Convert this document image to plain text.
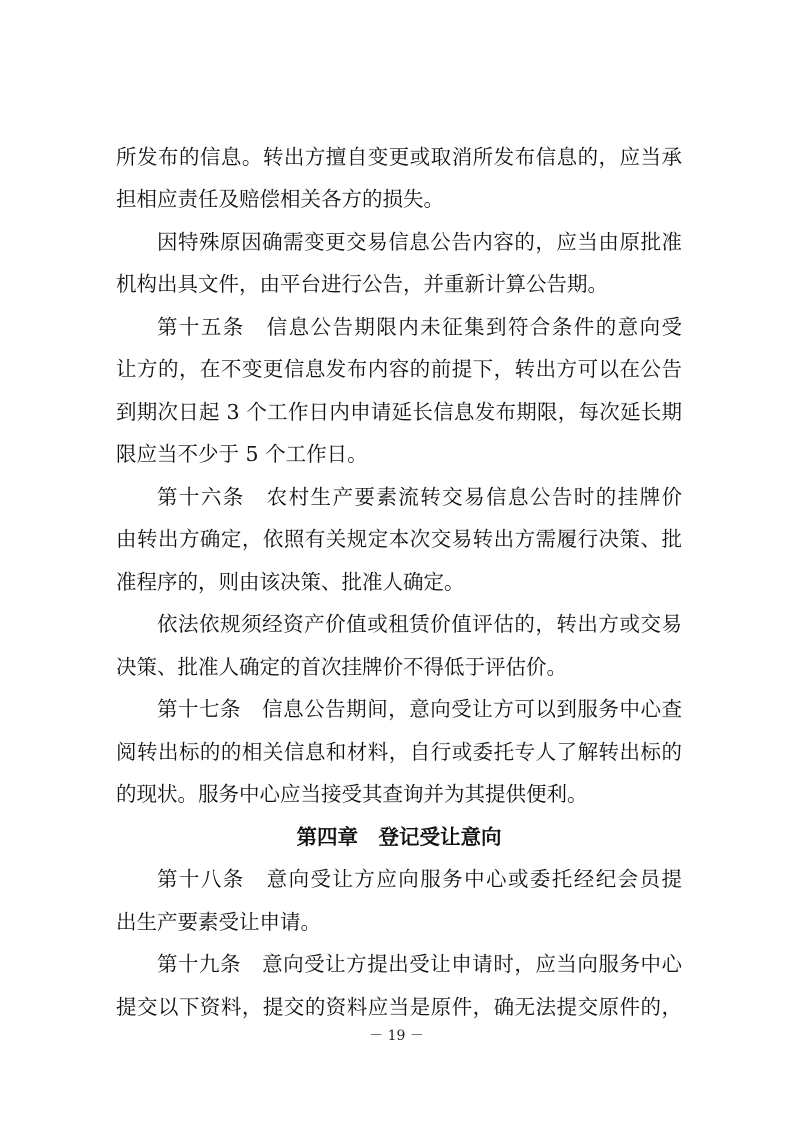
所发布的信息。转出方擅自变更或取消所发布信息的，应当承
担相应责任及赔偿相关各方的损失。
因特殊原因确需变更交易信息公告内容的，应当由原批准
机构出具文件，由平台进行公告，并重新计算公告期。
第十五条　信息公告期限内未征集到符合条件的意向受
让方的，在不变更信息发布内容的前提下，转出方可以在公告
到期次日起 3 个工作日内申请延长信息发布期限，每次延长期
限应当不少于 5 个工作日。
第十六条　农村生产要素流转交易信息公告时的挂牌价
由转出方确定，依照有关规定本次交易转出方需履行决策、批
准程序的，则由该决策、批准人确定。
依法依规须经资产价值或租赁价值评估的，转出方或交易
决策、批准人确定的首次挂牌价不得低于评估价。
第十七条　信息公告期间，意向受让方可以到服务中心查
阅转出标的的相关信息和材料，自行或委托专人了解转出标的
的现状。服务中心应当接受其查询并为其提供便利。
第四章　登记受让意向
第十八条　意向受让方应向服务中心或委托经纪会员提
出生产要素受让申请。
第十九条　意向受让方提出受让申请时，应当向服务中心
提交以下资料，提交的资料应当是原件，确无法提交原件的，
－ 19 －
